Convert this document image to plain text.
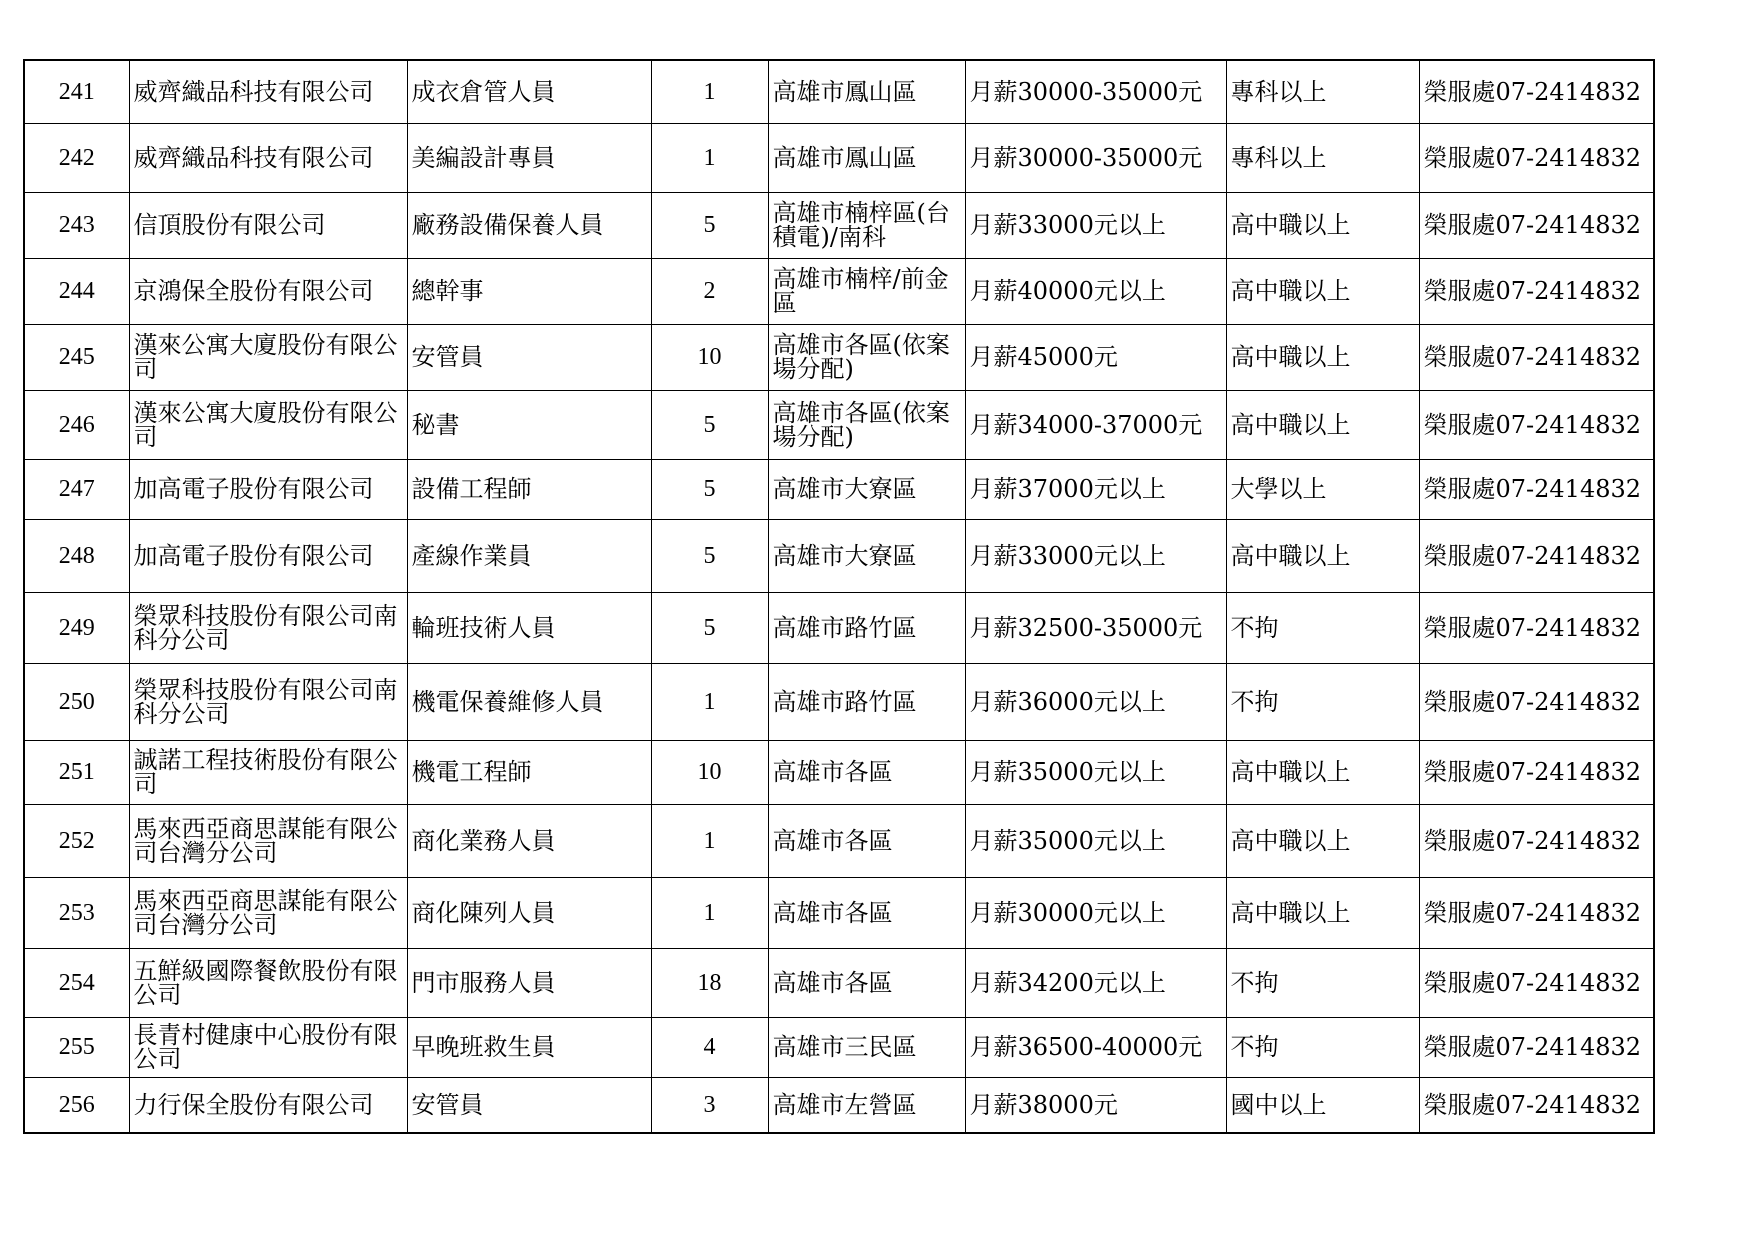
241	威齊織品科技有限公司	成衣倉管人員	1	高雄市鳳山區	月薪30000-35000元	專科以上	榮服處07-2414832
242	威齊織品科技有限公司	美編設計專員	1	高雄市鳳山區	月薪30000-35000元	專科以上	榮服處07-2414832
243	信頂股份有限公司	廠務設備保養人員	5	高雄市楠梓區(台積電)/南科	月薪33000元以上	高中職以上	榮服處07-2414832
244	京鴻保全股份有限公司	總幹事	2	高雄市楠梓/前金區	月薪40000元以上	高中職以上	榮服處07-2414832
245	漢來公寓大廈股份有限公司	安管員	10	高雄市各區(依案場分配)	月薪45000元	高中職以上	榮服處07-2414832
246	漢來公寓大廈股份有限公司	秘書	5	高雄市各區(依案場分配)	月薪34000-37000元	高中職以上	榮服處07-2414832
247	加高電子股份有限公司	設備工程師	5	高雄市大寮區	月薪37000元以上	大學以上	榮服處07-2414832
248	加高電子股份有限公司	產線作業員	5	高雄市大寮區	月薪33000元以上	高中職以上	榮服處07-2414832
249	榮眾科技股份有限公司南科分公司	輪班技術人員	5	高雄市路竹區	月薪32500-35000元	不拘	榮服處07-2414832
250	榮眾科技股份有限公司南科分公司	機電保養維修人員	1	高雄市路竹區	月薪36000元以上	不拘	榮服處07-2414832
251	誠諾工程技術股份有限公司	機電工程師	10	高雄市各區	月薪35000元以上	高中職以上	榮服處07-2414832
252	馬來西亞商思謀能有限公司台灣分公司	商化業務人員	1	高雄市各區	月薪35000元以上	高中職以上	榮服處07-2414832
253	馬來西亞商思謀能有限公司台灣分公司	商化陳列人員	1	高雄市各區	月薪30000元以上	高中職以上	榮服處07-2414832
254	五鮮級國際餐飲股份有限公司	門市服務人員	18	高雄市各區	月薪34200元以上	不拘	榮服處07-2414832
255	長青村健康中心股份有限公司	早晚班救生員	4	高雄市三民區	月薪36500-40000元	不拘	榮服處07-2414832
256	力行保全股份有限公司	安管員	3	高雄市左營區	月薪38000元	國中以上	榮服處07-2414832
